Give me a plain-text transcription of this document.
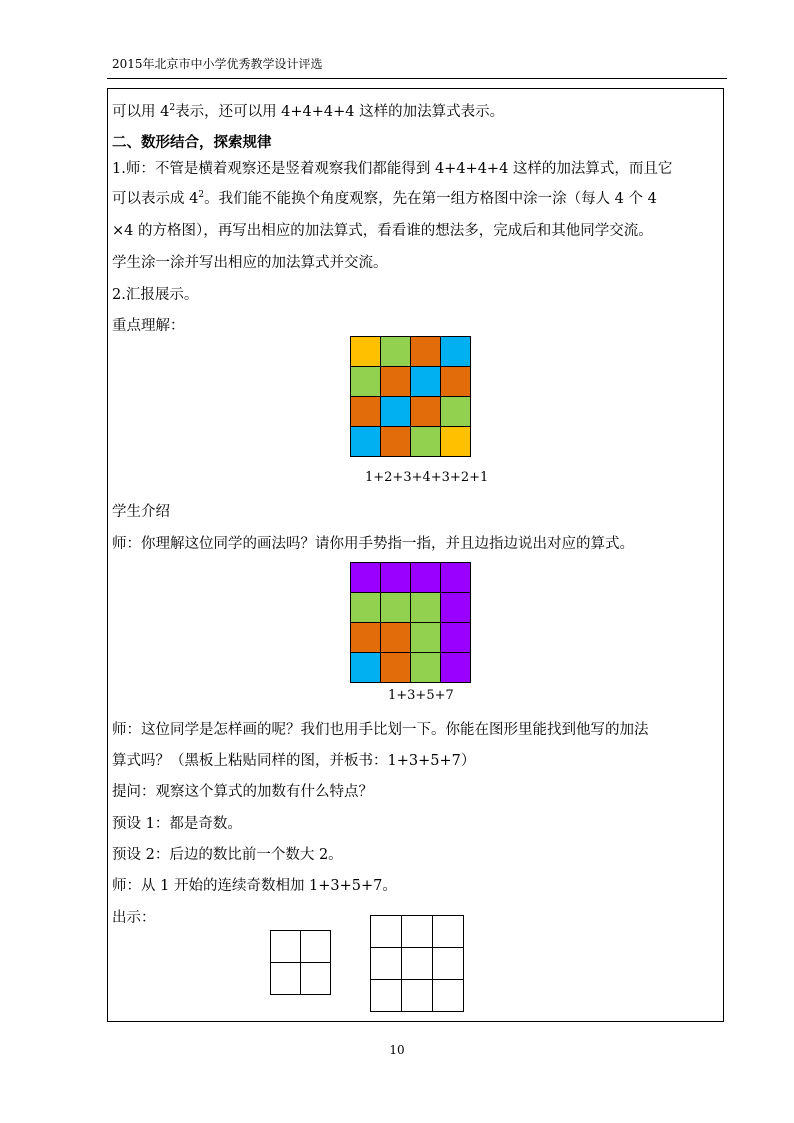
2015年北京市中小学优秀教学设计评选
可以用 $4^2$表示，还可以用 4+4+4+4 这样的加法算式表示。
二、数形结合，探索规律
1.师：不管是横着观察还是竖着观察我们都能得到 4+4+4+4 这样的加法算式，而且它
可以表示成 $4^2$。我们能不能换个角度观察，先在第一组方格图中涂一涂（每人 4 个 4
×4 的方格图），再写出相应的加法算式，看看谁的想法多，完成后和其他同学交流。
学生涂一涂并写出相应的加法算式并交流。
2.汇报展示。
重点理解：
1+2+3+4+3+2+1
学生介绍
师：你理解这位同学的画法吗？请你用手势指一指，并且边指边说出对应的算式。
1+3+5+7
师：这位同学是怎样画的呢？我们也用手比划一下。你能在图形里能找到他写的加法
算式吗？（黑板上粘贴同样的图，并板书：1+3+5+7）
提问：观察这个算式的加数有什么特点？
预设 1：都是奇数。
预设 2：后边的数比前一个数大 2。
师：从 1 开始的连续奇数相加 1+3+5+7。
出示：
10
